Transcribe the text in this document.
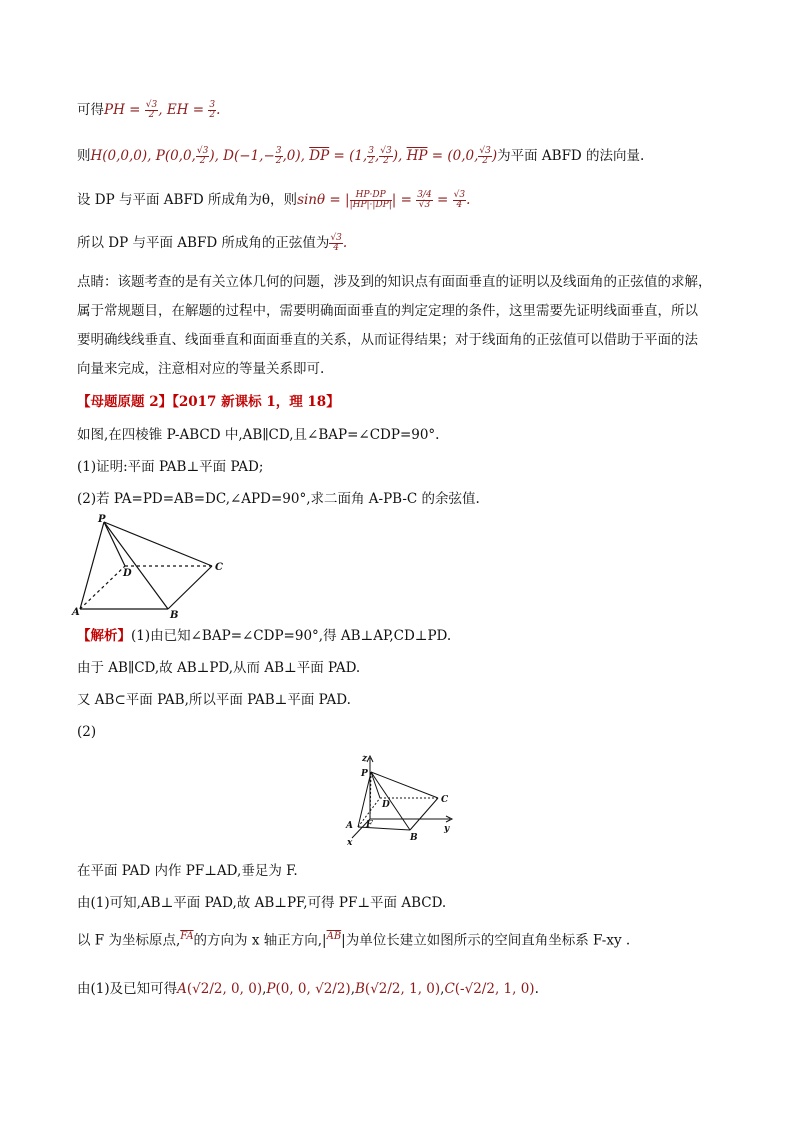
可得PH = $\frac{√3}{2}$ , EH = $\frac{3}{2}$ .
则H(0,0,0), P(0,0, $\frac{√3}{2}$ ), $D(-1,- \frac{3}{2} ,0)$, $\overline{DP} = (1$, $\frac{3}{2}$ , $\frac{√3}{2}$ ), $\overline{HP} = (0,0$, $\frac{√3}{2}$ )为平面 ABFD 的法向量.
设 DP 与平面 ABFD 所成角为θ，则sinθ = | $\frac{HP\cdot DP}{|HP|\cdot|DP|}$ | = $\frac{3/4}{√3} = \frac{√3}{4}$ .
所以 DP 与平面 ABFD 所成角的正弦值为 $\frac{√3}{4}$ .
点睛：该题考查的是有关立体几何的问题，涉及到的知识点有面面垂直的证明以及线面角的正弦值的求解，
属于常规题目，在解题的过程中，需要明确面面垂直的判定定理的条件，这里需要先证明线面垂直，所以
要明确线线垂直、线面垂直和面面垂直的关系，从而证得结果；对于线面角的正弦值可以借助于平面的法
向量来完成，注意相对应的等量关系即可.
【母题原题 2】【2017 新课标 1，理 18】
如图,在四棱锥 P-ABCD 中,AB∥CD,且∠BAP=∠CDP=90°.
(1)证明:平面 PAB⊥平面 PAD;
(2)若 PA=PD=AB=DC,∠APD=90°,求二面角 A-PB-C 的余弦值.
P
D
C
A	B
【解析】(1)由已知∠BAP=∠CDP=90°,得 AB⊥AP,CD⊥PD.
由于 AB∥CD,故 AB⊥PD,从而 AB⊥平面 PAD.
又 AB⊂平面 PAB,所以平面 PAB⊥平面 PAD.
(2)
z
P
D	C
A F
B
x
y
在平面 PAD 内作 PF⊥AD,垂足为 F.
由(1)可知,AB⊥平面 PAD,故 AB⊥PF,可得 PF⊥平面 ABCD.
以 F 为坐标原点,$^{\overline{FA}}$的方向为 x 轴正方向$,|^{\overline{AB}}|$为单位长建立如图所示的空间直角坐标系 F-xy .
由(1)及已知可得A(√2/2, 0, 0),P(0, 0, √2/2),B(√2/2, 1, 0),C(-√2/2, 1, 0).
